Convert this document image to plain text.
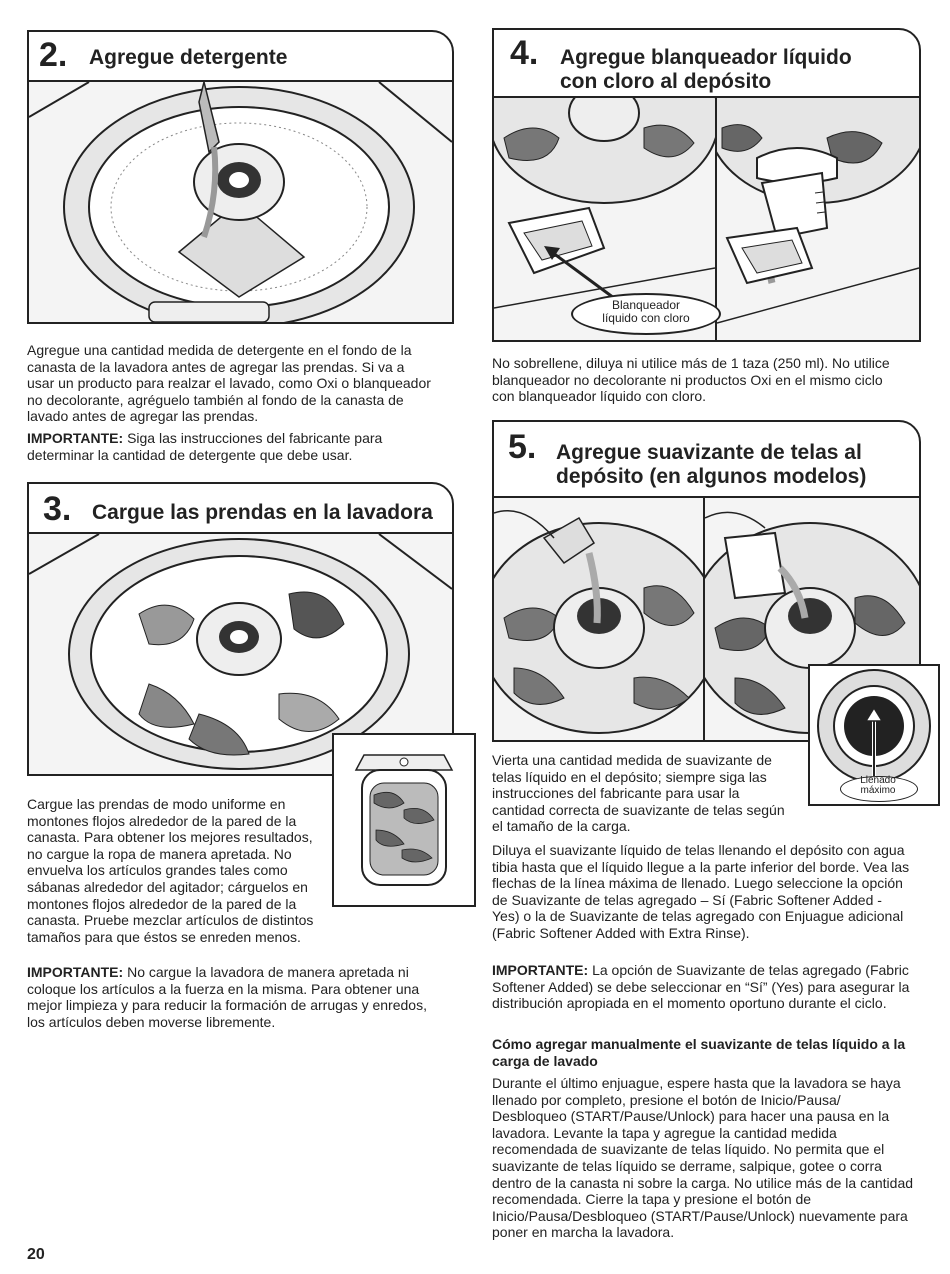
2. Agregue detergente

Agregue una cantidad medida de detergente en el fondo de la canasta de la lavadora antes de agregar las prendas. Si va a usar un producto para realzar el lavado, como Oxi o blanqueador no decolorante, agréguelo también al fondo de la canasta de lavado antes de agregar las prendas.

IMPORTANTE: Siga las instrucciones del fabricante para determinar la cantidad de detergente que debe usar.

3. Cargue las prendas en la lavadora

Cargue las prendas de modo uniforme en montones flojos alrededor de la pared de la canasta. Para obtener los mejores resultados, no cargue la ropa de manera apretada. No envuelva los artículos grandes tales como sábanas alrededor del agitador; cárguelos en montones flojos alrededor de la pared de la canasta. Pruebe mezclar artículos de distintos tamaños para que éstos se enreden menos.

IMPORTANTE: No cargue la lavadora de manera apretada ni coloque los artículos a la fuerza en la misma. Para obtener una mejor limpieza y para reducir la formación de arrugas y enredos, los artículos deben moverse libremente.

4. Agregue blanqueador líquido
con cloro al depósito
Blanqueador
líquido con cloro

No sobrellene, diluya ni utilice más de 1 taza (250 ml). No utilice blanqueador no decolorante ni productos Oxi en el mismo ciclo con blanqueador líquido con cloro.

5. Agregue suavizante de telas al
depósito (en algunos modelos)
Llenado
máximo

Vierta una cantidad medida de suavizante de telas líquido en el depósito; siempre siga las instrucciones del fabricante para usar la cantidad correcta de suavizante de telas según el tamaño de la carga.

Diluya el suavizante líquido de telas llenando el depósito con agua tibia hasta que el líquido llegue a la parte inferior del borde. Vea las flechas de la línea máxima de llenado. Luego seleccione la opción de Suavizante de telas agregado – Sí (Fabric Softener Added - Yes) o la de Suavizante de telas agregado con Enjuague adicional (Fabric Softener Added with Extra Rinse).

IMPORTANTE: La opción de Suavizante de telas agregado (Fabric Softener Added) se debe seleccionar en “Sí” (Yes) para asegurar la distribución apropiada en el momento oportuno durante el ciclo.

Cómo agregar manualmente el suavizante de telas líquido a la carga de lavado

Durante el último enjuague, espere hasta que la lavadora se haya llenado por completo, presione el botón de Inicio/Pausa/ Desbloqueo (START/Pause/Unlock) para hacer una pausa en la lavadora. Levante la tapa y agregue la cantidad medida recomendada de suavizante de telas líquido. No permita que el suavizante de telas líquido se derrame, salpique, gotee o corra dentro de la canasta ni sobre la carga. No utilice más de la cantidad recomendada. Cierre la tapa y presione el botón de Inicio/Pausa/Desbloqueo (START/Pause/Unlock) nuevamente para poner en marcha la lavadora.

20
